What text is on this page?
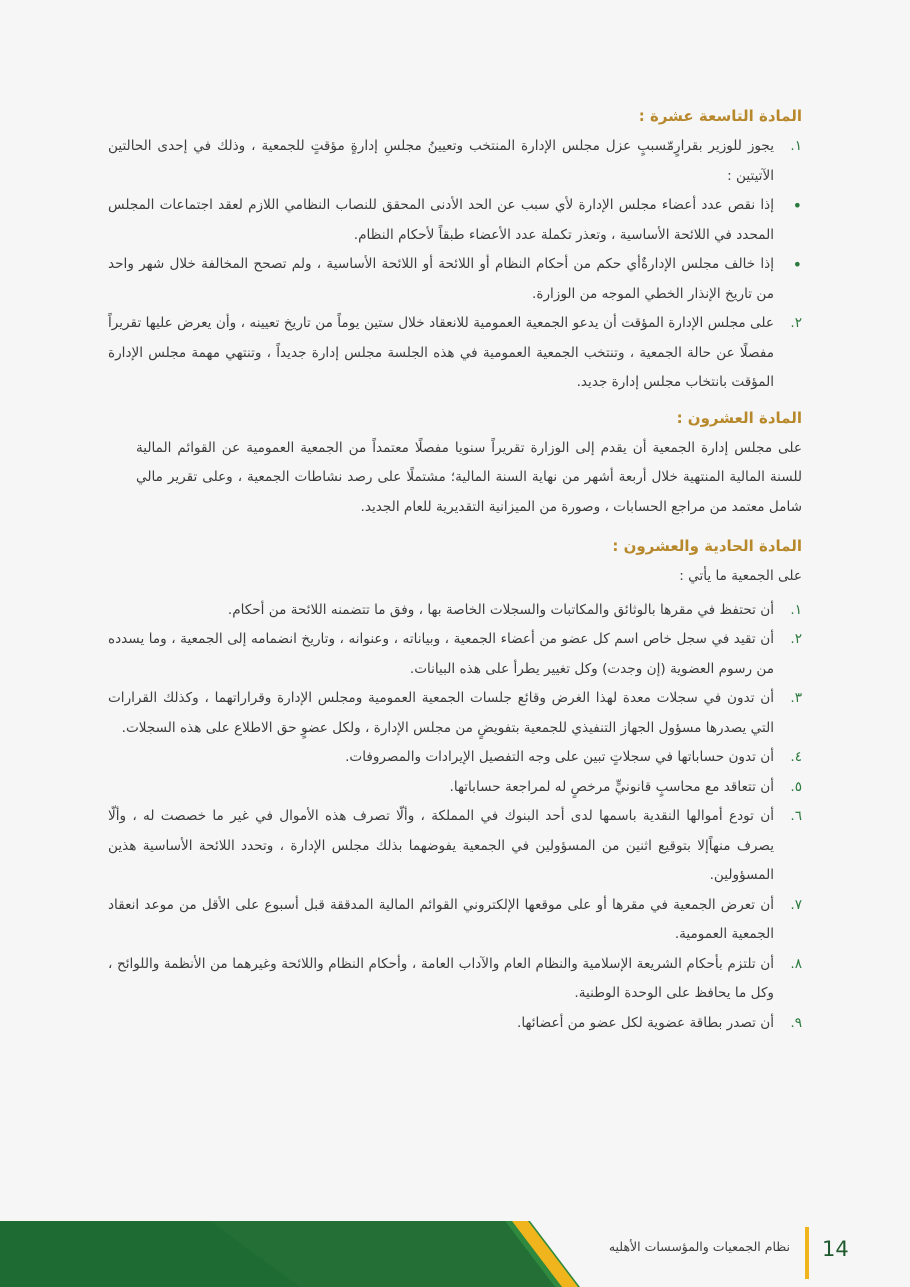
المادة التاسعة عشرة :
١.
يجوز للوزير بقرارٍمّسببٍ عزل مجلس الإدارة المنتخب وتعيينُ مجلسِ إدارةٍ مؤقتٍ للجمعية ، وذلك في إحدى الحالتين الآتيتين :
•
إذا نقص عدد أعضاء مجلس الإدارة لأي سبب عن الحد الأدنى المحقق للنصاب النظامي اللازم لعقد اجتماعات المجلس المحدد في اللائحة الأساسية ، وتعذر تكملة عدد الأعضاء طبقاً لأحكام النظام.
•
إذا خالف مجلس الإدارةٌأي حكم من أحكام النظام أو اللائحة أو اللائحة الأساسية ، ولم تصحح المخالفة خلال شهر واحد من تاريخ الإنذار الخطي الموجه من الوزارة.
٢.
على مجلس الإدارة المؤقت أن يدعو الجمعية العمومية للانعقاد خلال ستين يوماً من تاريخ تعيينه ، وأن يعرض عليها تقريراً مفصلًا عن حالة الجمعية ، وتنتخب الجمعية العمومية في هذه الجلسة مجلس إدارة جديداً ، وتنتهي مهمة مجلس الإدارة المؤقت بانتخاب مجلس إدارة جديد.
المادة العشرون :

على مجلس إدارة الجمعية أن يقدم إلى الوزارة تقريراً سنويا مفصلًا معتمداً من الجمعية العمومية عن القوائم المالية للسنة المالية المنتهية خلال أربعة أشهر من نهاية السنة المالية؛ مشتملًا على رصد نشاطات الجمعية ، وعلى تقرير مالي شامل معتمد من مراجع الحسابات ، وصورة من الميزانية التقديرية للعام الجديد.

المادة الحادية والعشرون :

على الجمعية ما يأتي :

١.
أن تحتفظ في مقرها بالوثائق والمكاتبات والسجلات الخاصة بها ، وفق ما تتضمنه اللائحة من أحكام.
٢.
أن تقيد في سجل خاص اسم كل عضو من أعضاء الجمعية ، وبياناته ، وعنوانه ، وتاريخ انضمامه إلى الجمعية ، وما يسدده من رسوم العضوية (إن وجدت) وكل تغيير يطرأ على هذه البيانات.
٣.
أن تدون في سجلات معدة لهذا الغرض وقائع جلسات الجمعية العمومية ومجلس الإدارة وقراراتهما ، وكذلك القرارات التي يصدرها مسؤول الجهاز التنفيذي للجمعية بتفويضٍ من مجلس الإدارة ، ولكل عضوٍ حق الاطلاع على هذه السجلات.
٤.
أن تدون حساباتها في سجلاتٍ تبين على وجه التفصيل الإيرادات والمصروفات.
٥.
أن تتعاقد مع محاسبٍ قانونيٍّ مرخصٍ له لمراجعة حساباتها.
٦.
أن تودع أموالها النقدية باسمها لدى أحد البنوك في المملكة ، وألّا تصرف هذه الأموال في غير ما خصصت له ، وألّا يصرف منهاًإلا بتوقيع اثنين من المسؤولين في الجمعية يفوضهما بذلك مجلس الإدارة ، وتحدد اللائحة الأساسية هذين المسؤولين.
٧.
أن تعرض الجمعية في مقرها أو على موقعها الإلكتروني القوائم المالية المدققة قبل أسبوع على الأقل من موعد انعقاد الجمعية العمومية.
٨.
أن تلتزم بأحكام الشريعة الإسلامية والنظام العام والآداب العامة ، وأحكام النظام واللائحة وغيرهما من الأنظمة واللوائح ، وكل ما يحافظ على الوحدة الوطنية.
٩.
أن تصدر بطاقة عضوية لكل عضو من أعضائها.
14
نظام الجمعيات والمؤسسات الأهليه
